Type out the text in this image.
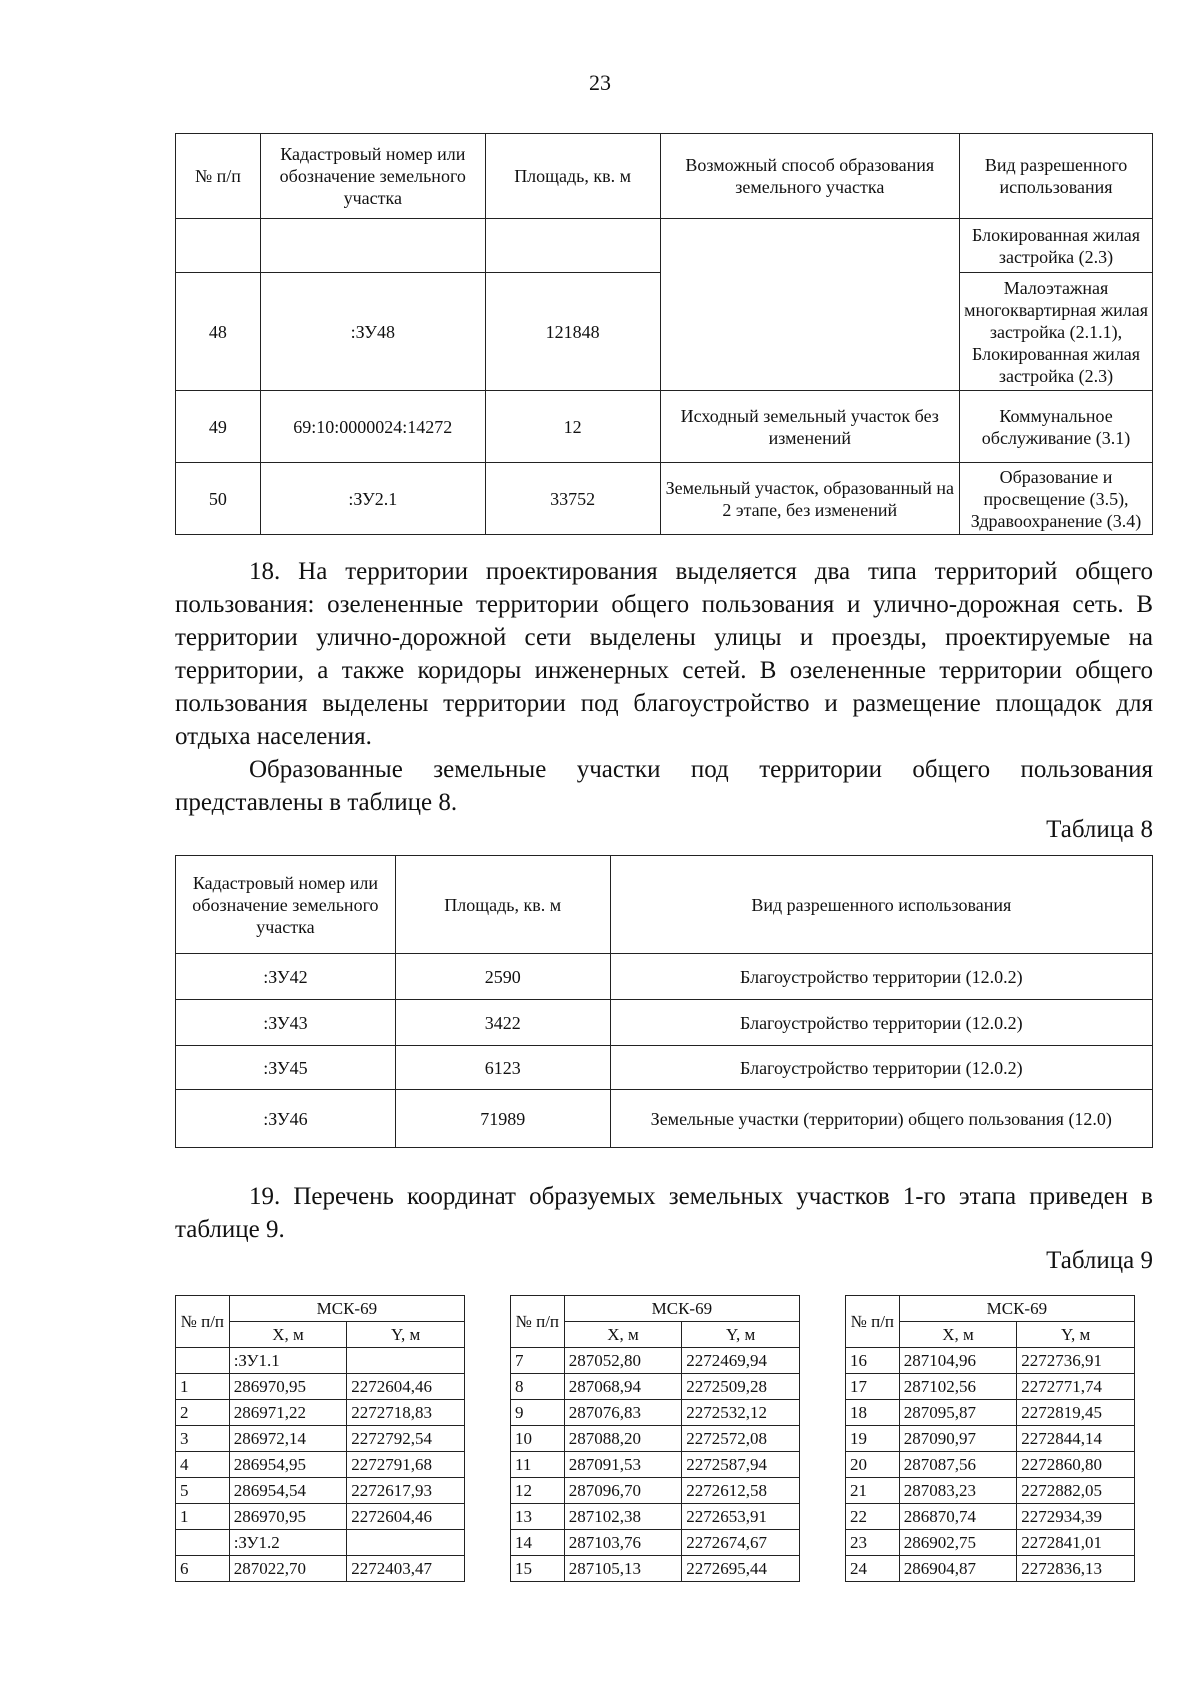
23
№ п/п	Кадастровый номер или обозначение земельного участка	Площадь, кв. м	Возможный способ образования земельного участка	Вид разрешенного использования
				Блокированная жилая застройка (2.3)
48	:ЗУ48	121848		Малоэтажная многоквартирная жилая застройка (2.1.1), Блокированная жилая застройка (2.3)
49	69:10:0000024:14272	12	Исходный земельный участок без изменений	Коммунальное обслуживание (3.1)
50	:ЗУ2.1	33752	Земельный участок, образованный на 2 этапе, без изменений	Образование и просвещение (3.5), Здравоохранение (3.4)

18. На территории проектирования выделяется два типа территорий общего пользования: озелененные территории общего пользования и улично-дорожная сеть. В территории улично-дорожной сети выделены улицы и проезды, проектируемые на территории, а также коридоры инженерных сетей. В озелененные территории общего пользования выделены территории под благоустройство и размещение площадок для отдыха населения.

Образованные земельные участки под территории общего пользования представлены в таблице 8.

Таблица 8
Кадастровый номер или обозначение земельного участка	Площадь, кв. м	Вид разрешенного использования
:ЗУ42	2590	Благоустройство территории (12.0.2)
:ЗУ43	3422	Благоустройство территории (12.0.2)
:ЗУ45	6123	Благоустройство территории (12.0.2)
:ЗУ46	71989	Земельные участки (территории) общего пользования (12.0)

19. Перечень координат образуемых земельных участков 1-го этапа приведен в таблице 9.

Таблица 9
№ п/п	МСК-69	
	X, м	Y, м
	:ЗУ1.1	
1	286970,95	2272604,46
2	286971,22	2272718,83
3	286972,14	2272792,54
4	286954,95	2272791,68
5	286954,54	2272617,93
1	286970,95	2272604,46
	:ЗУ1.2	
6	287022,70	2272403,47
№ п/п	МСК-69	
	X, м	Y, м
7	287052,80	2272469,94
8	287068,94	2272509,28
9	287076,83	2272532,12
10	287088,20	2272572,08
11	287091,53	2272587,94
12	287096,70	2272612,58
13	287102,38	2272653,91
14	287103,76	2272674,67
15	287105,13	2272695,44
№ п/п	МСК-69	
	X, м	Y, м
16	287104,96	2272736,91
17	287102,56	2272771,74
18	287095,87	2272819,45
19	287090,97	2272844,14
20	287087,56	2272860,80
21	287083,23	2272882,05
22	286870,74	2272934,39
23	286902,75	2272841,01
24	286904,87	2272836,13
